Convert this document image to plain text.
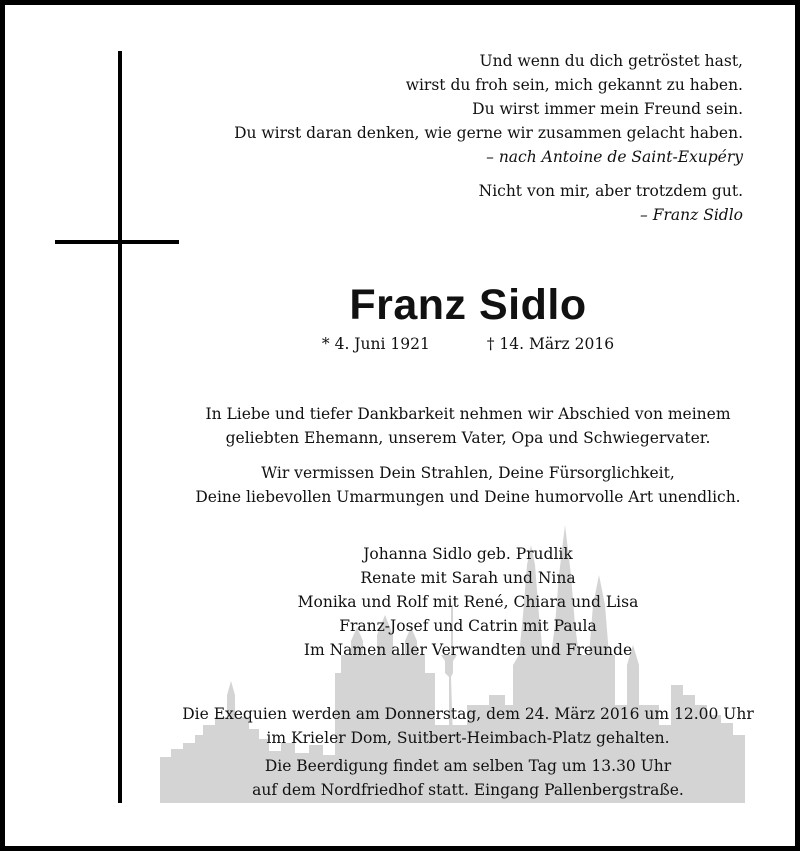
Und wenn du dich getröstet hast,
wirst du froh sein, mich gekannt zu haben.
Du wirst immer mein Freund sein.
Du wirst daran denken, wie gerne wir zusammen gelacht haben.
– nach Antoine de Saint-Exupéry
Nicht von mir, aber trotzdem gut.
– Franz Sidlo
Franz Sidlo
* 4. Juni 1921	† 14. März 2016
In Liebe und tiefer Dankbarkeit nehmen wir Abschied von meinem
geliebten Ehemann, unserem Vater, Opa und Schwiegervater.
Wir vermissen Dein Strahlen, Deine Fürsorglichkeit,
Deine liebevollen Umarmungen und Deine humorvolle Art unendlich.
Johanna Sidlo geb. Prudlik
Renate mit Sarah und Nina
Monika und Rolf mit René, Chiara und Lisa
Franz-Josef und Catrin mit Paula
Im Namen aller Verwandten und Freunde
Die Exequien werden am Donnerstag, dem 24. März 2016 um 12.00 Uhr
im Krieler Dom, Suitbert-Heimbach-Platz gehalten.
Die Beerdigung findet am selben Tag um 13.30 Uhr
auf dem Nordfriedhof statt. Eingang Pallenbergstraße.
